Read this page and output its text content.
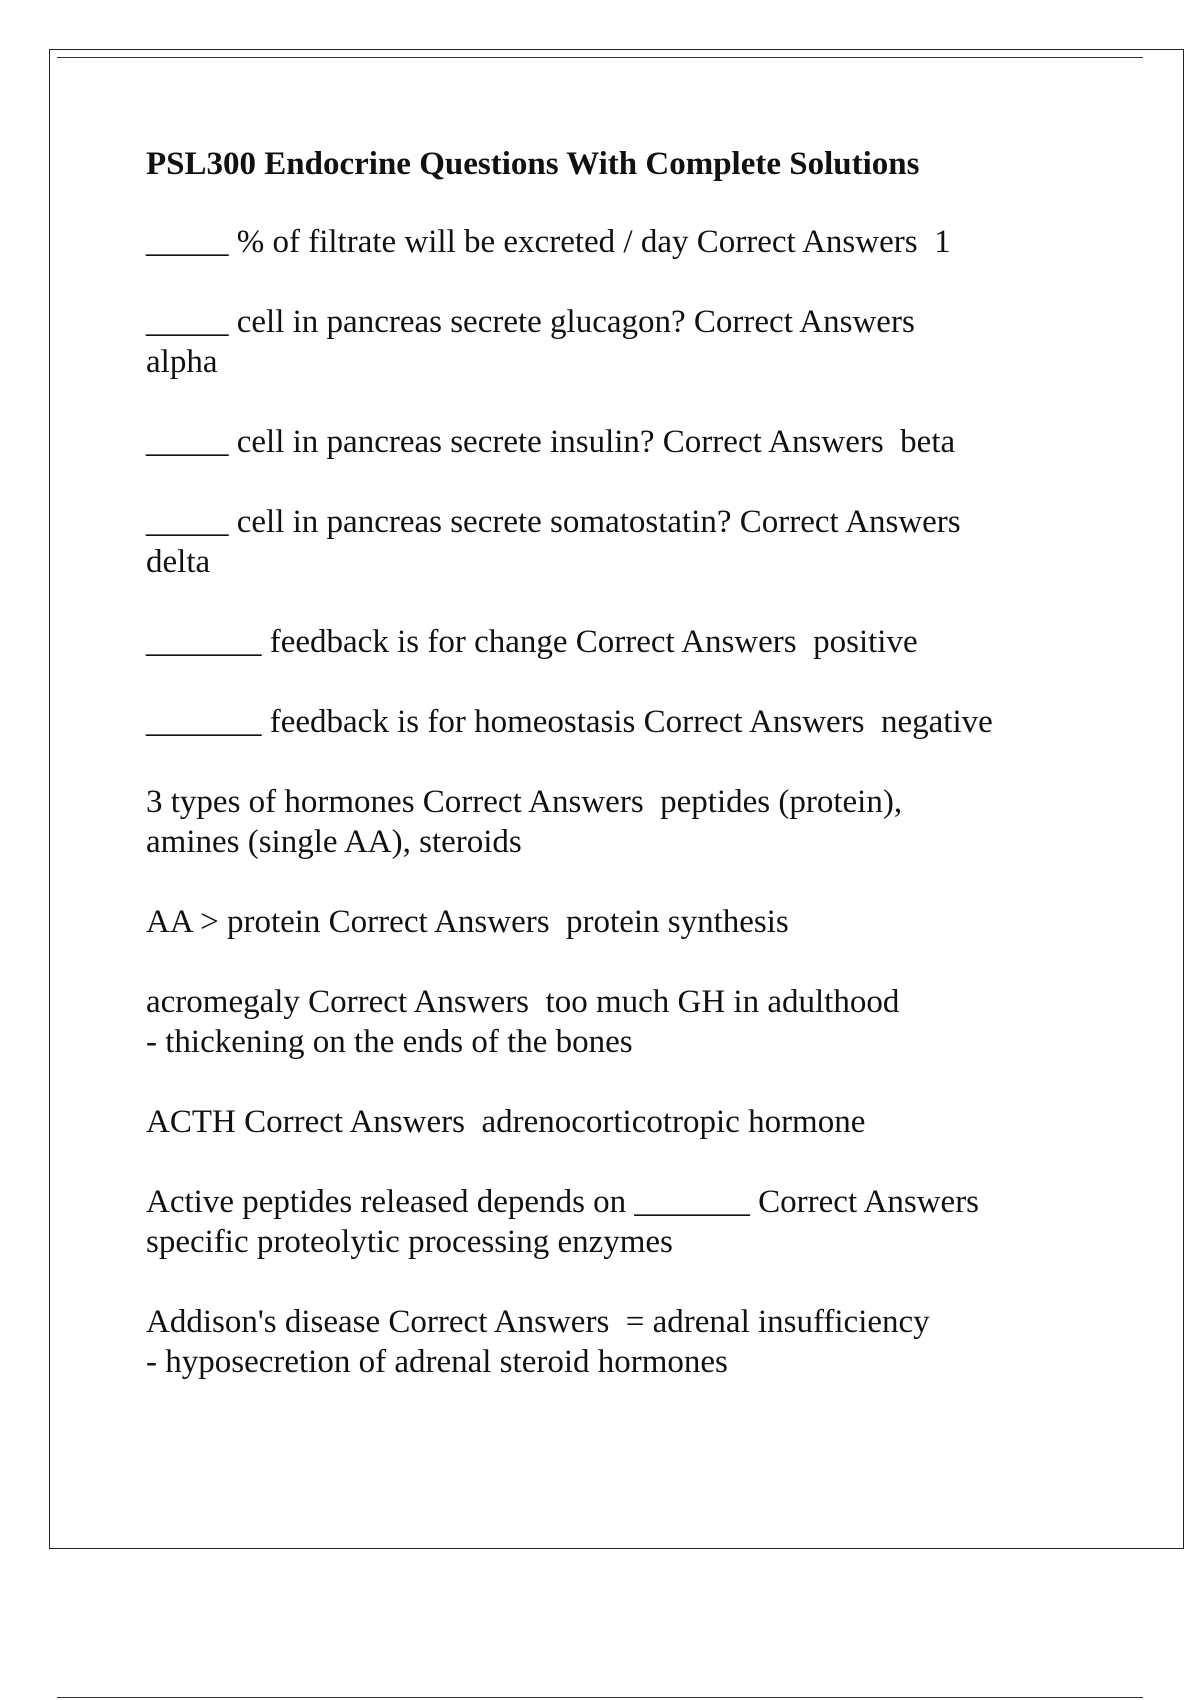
PSL300 Endocrine Questions With Complete Solutions
_____ % of filtrate will be excreted / day Correct Answers  1
_____ cell in pancreas secrete glucagon? Correct Answers
alpha
_____ cell in pancreas secrete insulin? Correct Answers  beta
_____ cell in pancreas secrete somatostatin? Correct Answers
delta
_______ feedback is for change Correct Answers  positive
_______ feedback is for homeostasis Correct Answers  negative
3 types of hormones Correct Answers  peptides (protein),
amines (single AA), steroids
AA > protein Correct Answers  protein synthesis
acromegaly Correct Answers  too much GH in adulthood
- thickening on the ends of the bones
ACTH Correct Answers  adrenocorticotropic hormone
Active peptides released depends on _______ Correct Answers
specific proteolytic processing enzymes
Addison's disease Correct Answers  = adrenal insufficiency
- hyposecretion of adrenal steroid hormones
